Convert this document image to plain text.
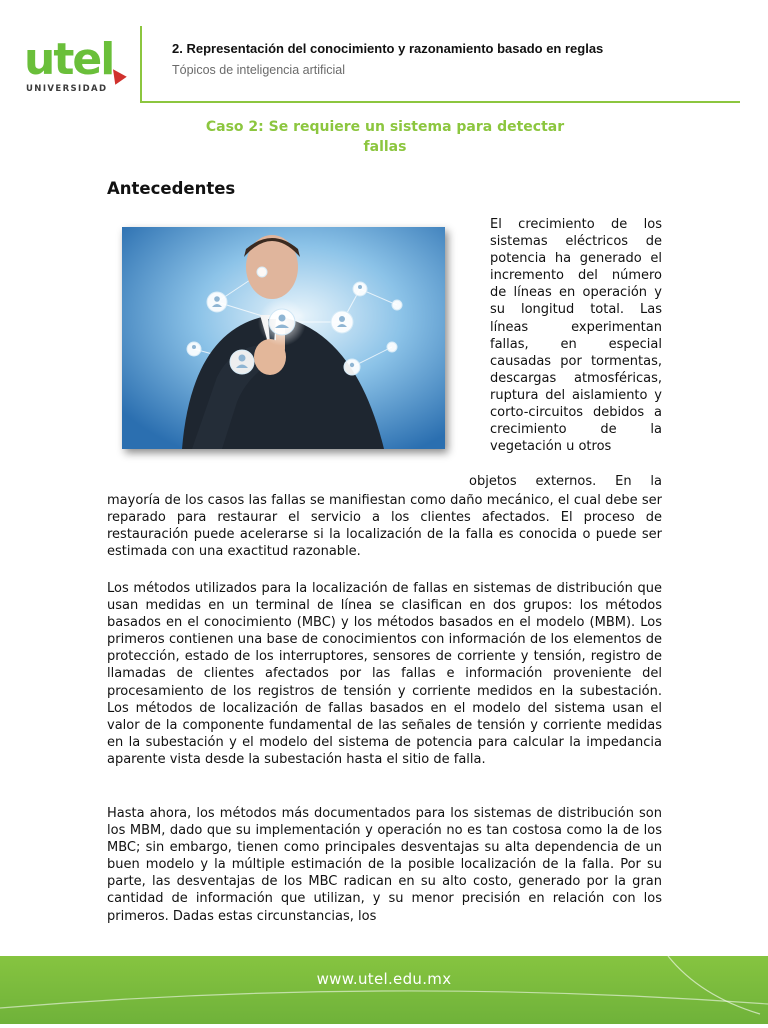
utel
UNIVERSIDAD
2. Representación del conocimiento y razonamiento basado en reglas
Tópicos de inteligencia artificial
Caso 2: Se requiere un sistema para detectar
fallas
Antecedentes
El crecimiento de los sistemas eléctricos de potencia ha generado el incremento del número de líneas en operación y su longitud total. Las líneas experimentan fallas, en especial causadas por tormentas, descargas atmosféricas, ruptura del aislamiento y corto-circuitos debidos a crecimiento de la vegetación u otros
objetos externos. En la

mayoría de los casos las fallas se manifiestan como daño mecánico, el cual debe ser reparado para restaurar el servicio a los clientes afectados. El proceso de restauración puede acelerarse si la localización de la falla es conocida o puede ser estimada con una exactitud razonable.

Los métodos utilizados para la localización de fallas en sistemas de distribución que usan medidas en un terminal de línea se clasifican en dos grupos: los métodos basados en el conocimiento (MBC) y los métodos basados en el modelo (MBM). Los primeros contienen una base de conocimientos con información de los elementos de protección, estado de los interruptores, sensores de corriente y tensión, registro de llamadas de clientes afectados por las fallas e información proveniente del procesamiento de los registros de tensión y corriente medidos en la subestación. Los métodos de localización de fallas basados en el modelo del sistema usan el valor de la componente fundamental de las señales de tensión y corriente medidas en la subestación y el modelo del sistema de potencia para calcular la impedancia aparente vista desde la subestación hasta el sitio de falla.

Hasta ahora, los métodos más documentados para los sistemas de distribución son los MBM, dado que su implementación y operación no es tan costosa como la de los MBC; sin embargo, tienen como principales desventajas su alta dependencia de un buen modelo y la múltiple estimación de la posible localización de la falla. Por su parte, las desventajas de los MBC radican en su alto costo, generado por la gran cantidad de información que utilizan, y su menor precisión en relación con los primeros. Dadas estas circunstancias, los

www.utel.edu.mx
